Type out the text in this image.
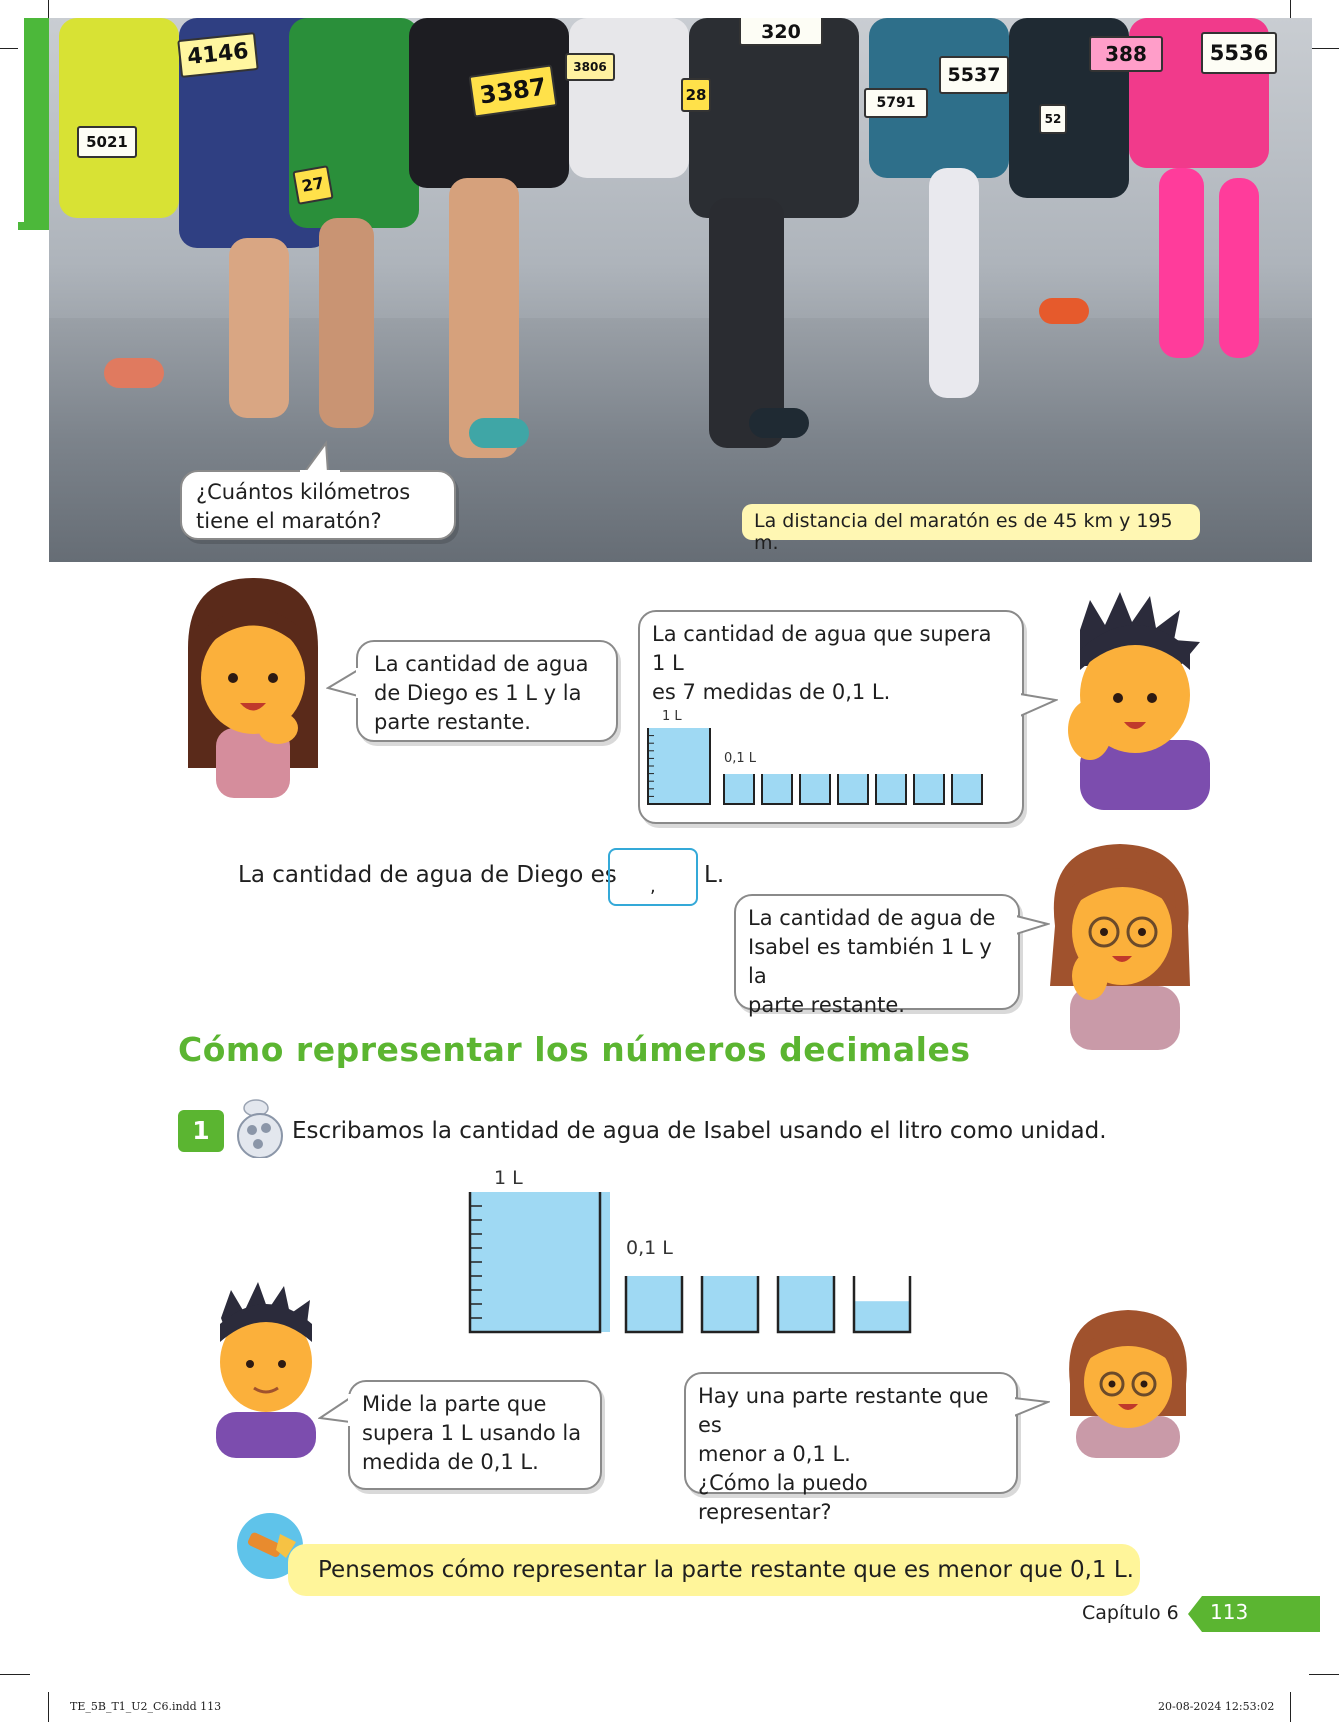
4146
3387
3806
5021
27
5537
5536
388
5791
28
320
52
¿Cuántos kilómetros
tiene el maratón?	La distancia del maratón es de 45 km y 195 m.
La cantidad de agua
de Diego es 1 L y la
parte restante.
La cantidad de agua que supera 1 L
es 7 medidas de 0,1 L.
1 L
0,1 L
La cantidad de agua de Diego es , L.
La cantidad de agua de
Isabel es también 1 L y la
parte restante.
Cómo representar los números decimales
1	Escribamos la cantidad de agua de Isabel usando el litro como unidad.
1 L
0,1 L
Mide la parte que
supera 1 L usando la
medida de 0,1 L.
Hay una parte restante que es
menor a 0,1 L.
¿Cómo la puedo representar?
Pensemos cómo representar la parte restante que es menor que 0,1 L.
Capítulo 6 113
TE_5B_T1_U2_C6.indd 113	20-08-2024 12:53:02
